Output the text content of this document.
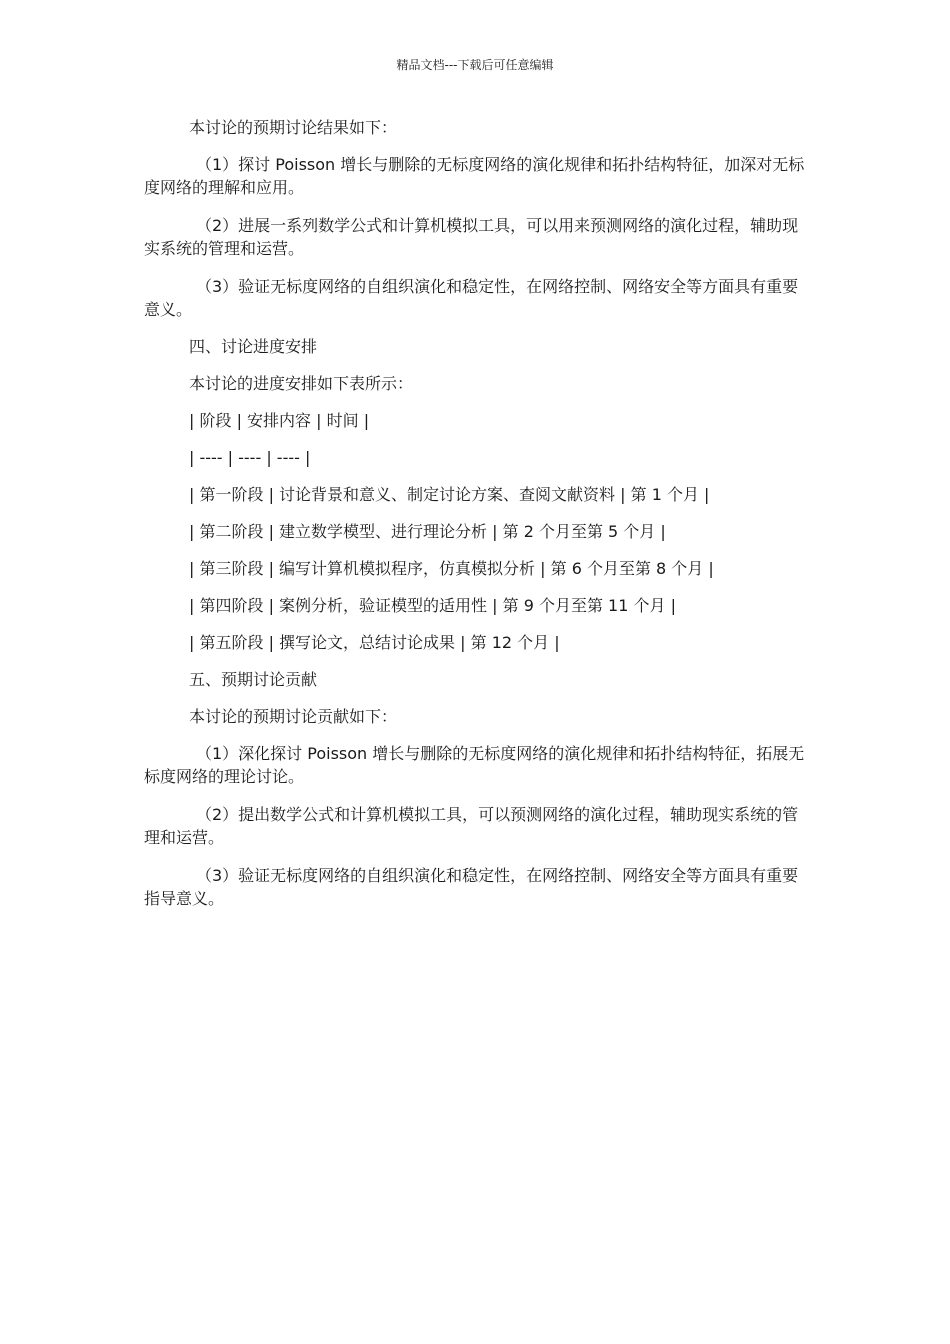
精品文档---下载后可任意编辑

本讨论的预期讨论结果如下：

（1）探讨 Poisson 增长与删除的无标度网络的演化规律和拓扑结构特征，加深对无标度网络的理解和应用。

（2）进展一系列数学公式和计算机模拟工具，可以用来预测网络的演化过程，辅助现实系统的管理和运营。

（3）验证无标度网络的自组织演化和稳定性，在网络控制、网络安全等方面具有重要意义。

四、讨论进度安排

本讨论的进度安排如下表所示：

| 阶段 | 安排内容 | 时间 |

| ---- | ---- | ---- |

| 第一阶段 | 讨论背景和意义、制定讨论方案、查阅文献资料 | 第 1 个月 |

| 第二阶段 | 建立数学模型、进行理论分析 | 第 2 个月至第 5 个月 |

| 第三阶段 | 编写计算机模拟程序，仿真模拟分析 | 第 6 个月至第 8 个月 |

| 第四阶段 | 案例分析，验证模型的适用性 | 第 9 个月至第 11 个月 |

| 第五阶段 | 撰写论文，总结讨论成果 | 第 12 个月 |

五、预期讨论贡献

本讨论的预期讨论贡献如下：

（1）深化探讨 Poisson 增长与删除的无标度网络的演化规律和拓扑结构特征，拓展无标度网络的理论讨论。

（2）提出数学公式和计算机模拟工具，可以预测网络的演化过程，辅助现实系统的管理和运营。

（3）验证无标度网络的自组织演化和稳定性，在网络控制、网络安全等方面具有重要指导意义。
